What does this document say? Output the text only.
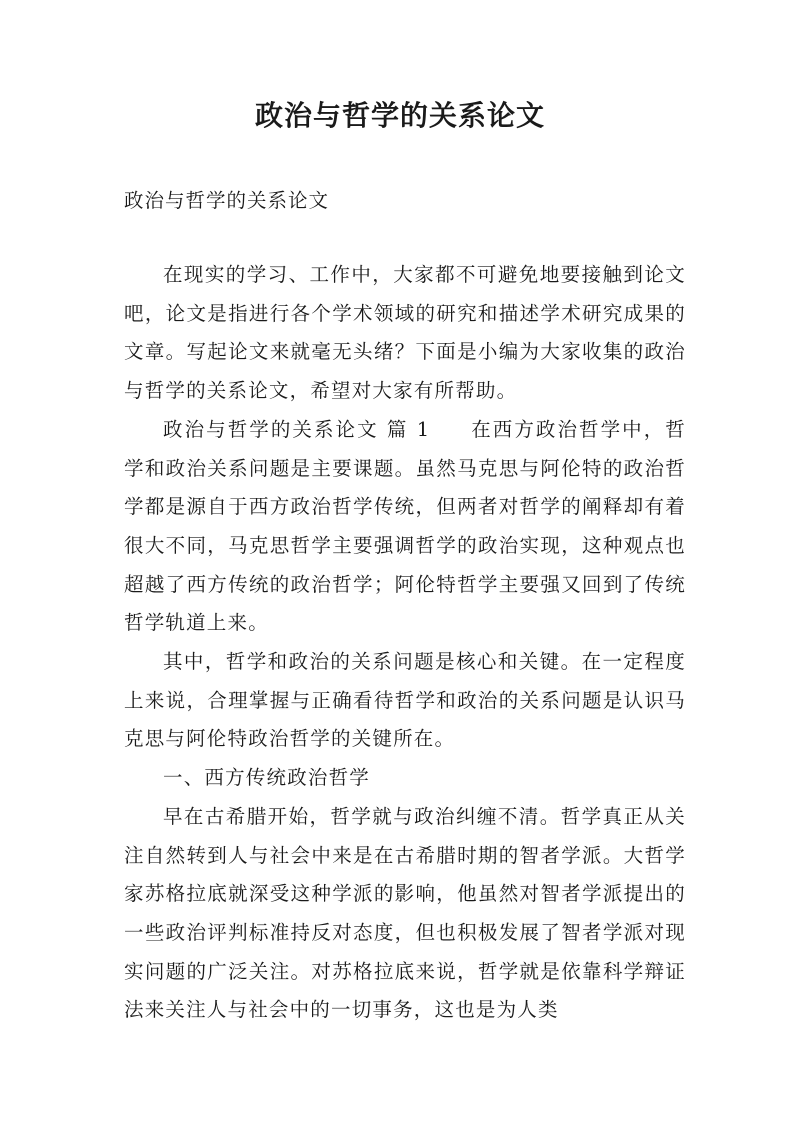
政治与哲学的关系论文

政治与哲学的关系论文

在现实的学习、工作中，大家都不可避免地要接触到论文吧，论文是指进行各个学术领域的研究和描述学术研究成果的文章。写起论文来就毫无头绪？下面是小编为大家收集的政治与哲学的关系论文，希望对大家有所帮助。

政治与哲学的关系论文 篇 1 在西方政治哲学中，哲学和政治关系问题是主要课题。虽然马克思与阿伦特的政治哲学都是源自于西方政治哲学传统，但两者对哲学的阐释却有着很大不同，马克思哲学主要强调哲学的政治实现，这种观点也超越了西方传统的政治哲学；阿伦特哲学主要强又回到了传统哲学轨道上来。

其中，哲学和政治的关系问题是核心和关键。在一定程度上来说，合理掌握与正确看待哲学和政治的关系问题是认识马克思与阿伦特政治哲学的关键所在。

一、西方传统政治哲学

早在古希腊开始，哲学就与政治纠缠不清。哲学真正从关注自然转到人与社会中来是在古希腊时期的智者学派。大哲学家苏格拉底就深受这种学派的影响，他虽然对智者学派提出的一些政治评判标准持反对态度，但也积极发展了智者学派对现实问题的广泛关注。对苏格拉底来说，哲学就是依靠科学辩证法来关注人与社会中的一切事务，这也是为人类
